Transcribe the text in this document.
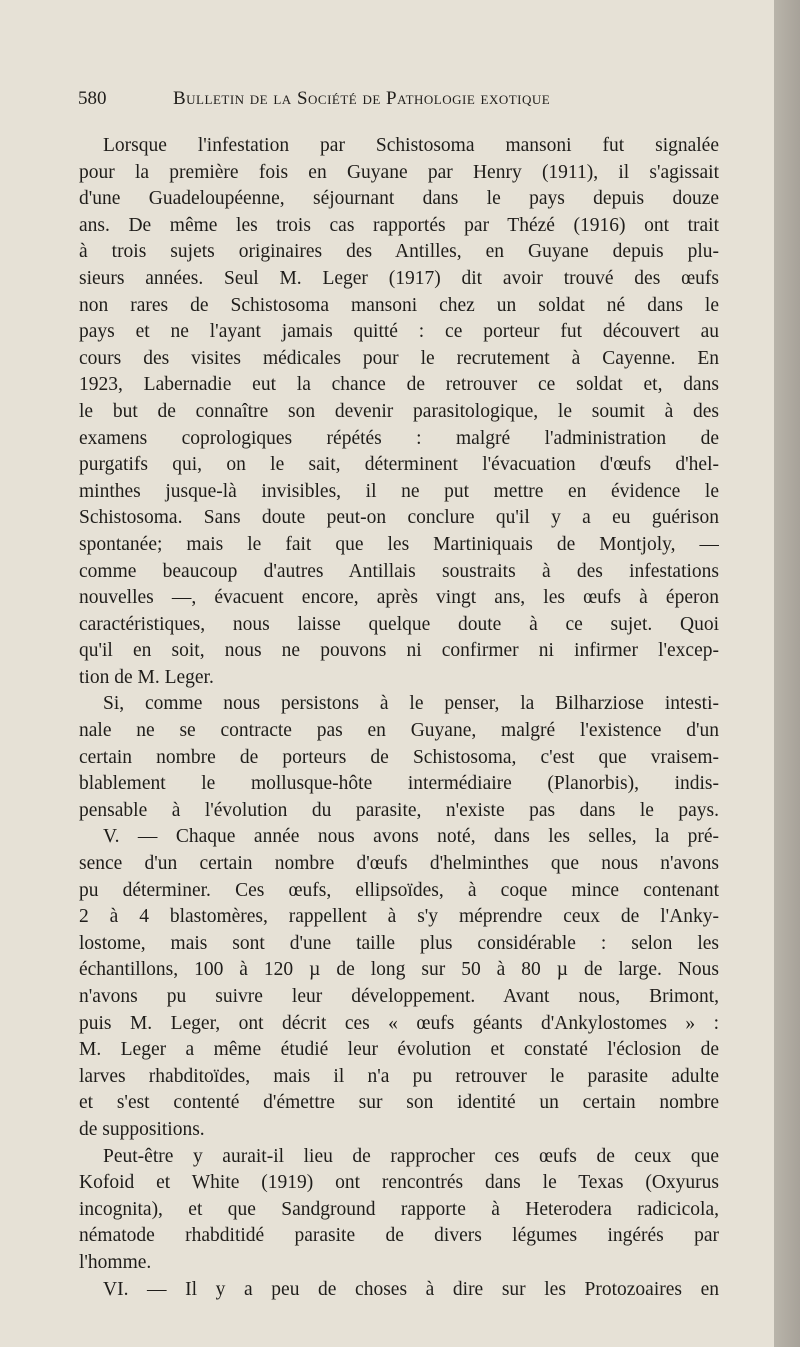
580	Bulletin de la Société de Pathologie exotique
Lorsque l'infestation par Schistosoma mansoni fut signalée
pour la première fois en Guyane par Henry (1911), il s'agissait
d'une Guadeloupéenne, séjournant dans le pays depuis douze
ans. De même les trois cas rapportés par Thézé (1916) ont trait
à trois sujets originaires des Antilles, en Guyane depuis plu-
sieurs années. Seul M. Leger (1917) dit avoir trouvé des œufs
non rares de Schistosoma mansoni chez un soldat né dans le
pays et ne l'ayant jamais quitté : ce porteur fut découvert au
cours des visites médicales pour le recrutement à Cayenne. En
1923, Labernadie eut la chance de retrouver ce soldat et, dans
le but de connaître son devenir parasitologique, le soumit à des
examens coprologiques répétés : malgré l'administration de
purgatifs qui, on le sait, déterminent l'évacuation d'œufs d'hel-
minthes jusque-là invisibles, il ne put mettre en évidence le
Schistosoma. Sans doute peut-on conclure qu'il y a eu guérison
spontanée; mais le fait que les Martiniquais de Montjoly, —
comme beaucoup d'autres Antillais soustraits à des infestations
nouvelles —, évacuent encore, après vingt ans, les œufs à éperon
caractéristiques, nous laisse quelque doute à ce sujet. Quoi
qu'il en soit, nous ne pouvons ni confirmer ni infirmer l'excep-
tion de M. Leger.
Si, comme nous persistons à le penser, la Bilharziose intesti-
nale ne se contracte pas en Guyane, malgré l'existence d'un
certain nombre de porteurs de Schistosoma, c'est que vraisem-
blablement le mollusque-hôte intermédiaire (Planorbis), indis-
pensable à l'évolution du parasite, n'existe pas dans le pays.
V. — Chaque année nous avons noté, dans les selles, la pré-
sence d'un certain nombre d'œufs d'helminthes que nous n'avons
pu déterminer. Ces œufs, ellipsoïdes, à coque mince contenant
2 à 4 blastomères, rappellent à s'y méprendre ceux de l'Anky-
lostome, mais sont d'une taille plus considérable : selon les
échantillons, 100 à 120 µ de long sur 50 à 80 µ de large. Nous
n'avons pu suivre leur développement. Avant nous, Brimont,
puis M. Leger, ont décrit ces « œufs géants d'Ankylostomes » :
M. Leger a même étudié leur évolution et constaté l'éclosion de
larves rhabditoïdes, mais il n'a pu retrouver le parasite adulte
et s'est contenté d'émettre sur son identité un certain nombre
de suppositions.
Peut-être y aurait-il lieu de rapprocher ces œufs de ceux que
Kofoid et White (1919) ont rencontrés dans le Texas (Oxyurus
incognita), et que Sandground rapporte à Heterodera radicicola,
nématode rhabditidé parasite de divers légumes ingérés par
l'homme.
VI. — Il y a peu de choses à dire sur les Protozoaires en
